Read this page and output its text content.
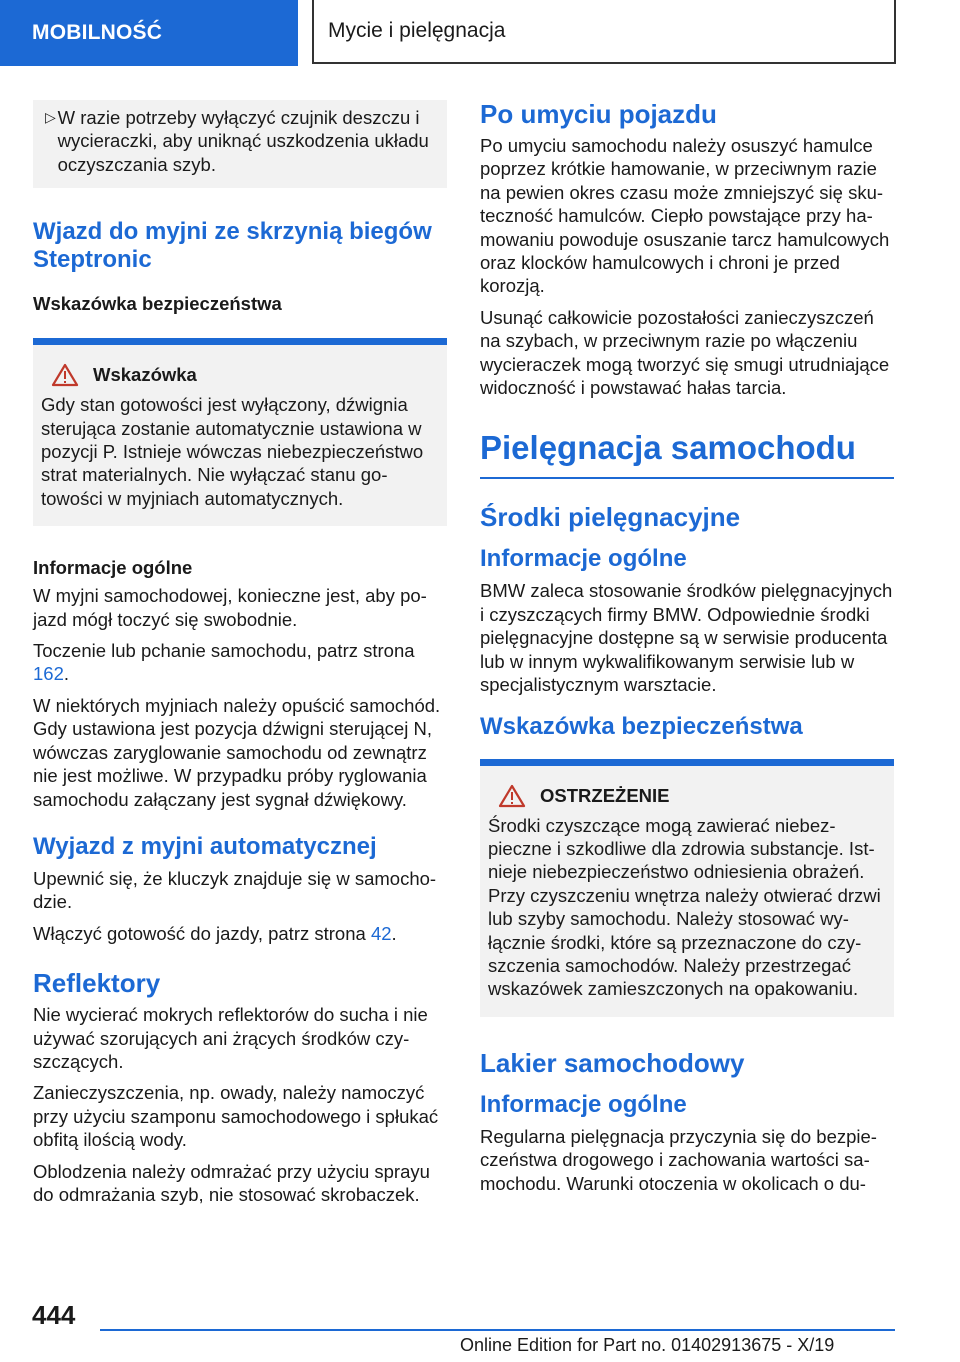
MOBILNOŚĆ	Mycie i pielęgnacja
▷ W razie potrzeby wyłączyć czujnik deszczu i wycieraczki, aby uniknąć uszkodzenia układu oczyszczania szyb.

Wjazd do myjni ze skrzynią biegów Steptronic
Wskazówka bezpieczeństwa
Wskazówka

Gdy stan gotowości jest wyłączony, dźwignia sterująca zostanie automatycznie ustawiona w pozycji P. Istnieje wówczas niebezpieczeństwo strat materialnych. Nie wyłączać stanu gotowości w myjniach automatycznych.

Informacje ogólne

W myjni samochodowej, konieczne jest, aby pojazd mógł toczyć się swobodnie.

Toczenie lub pchanie samochodu, patrz strona 162.

W niektórych myjniach należy opuścić samochód. Gdy ustawiona jest pozycja dźwigni sterującej N, wówczas zaryglowanie samochodu od zewnątrz nie jest możliwe. W przypadku próby ryglowania samochodu załączany jest sygnał dźwiękowy.

Wyjazd z myjni automatycznej

Upewnić się, że kluczyk znajduje się w samochodzie.

Włączyć gotowość do jazdy, patrz strona 42.

Reflektory

Nie wycierać mokrych reflektorów do sucha i nie używać szorujących ani żrących środków czyszczących.

Zanieczyszczenia, np. owady, należy namoczyć przy użyciu szamponu samochodowego i spłukać obfitą ilością wody.

Oblodzenia należy odmrażać przy użyciu sprayu do odmrażania szyb, nie stosować skrobaczek.

Po umyciu pojazdu

Po umyciu samochodu należy osuszyć hamulce poprzez krótkie hamowanie, w przeciwnym razie na pewien okres czasu może zmniejszyć się skuteczność hamulców. Ciepło powstające przy hamowaniu powoduje osuszanie tarcz hamulcowych oraz klocków hamulcowych i chroni je przed korozją.

Usunąć całkowicie pozostałości zanieczyszczeń na szybach, w przeciwnym razie po włączeniu wycieraczek mogą tworzyć się smugi utrudniające widoczność i powstawać hałas tarcia.

Pielęgnacja samochodu
Środki pielęgnacyjne
Informacje ogólne

BMW zaleca stosowanie środków pielęgnacyjnych i czyszczących firmy BMW. Odpowiednie środki pielęgnacyjne dostępne są w serwisie producenta lub w innym wykwalifikowanym serwisie lub w specjalistycznym warsztacie.

Wskazówka bezpieczeństwa
OSTRZEŻENIE

Środki czyszczące mogą zawierać niebezpieczne i szkodliwe dla zdrowia substancje. Istnieje niebezpieczeństwo odniesienia obrażeń. Przy czyszczeniu wnętrza należy otwierać drzwi lub szyby samochodu. Należy stosować wyłącznie środki, które są przeznaczone do czyszczenia samochodów. Należy przestrzegać wskazówek zamieszczonych na opakowaniu.

Lakier samochodowy
Informacje ogólne

Regularna pielęgnacja przyczynia się do bezpieczeństwa drogowego i zachowania wartości samochodu. Warunki otoczenia w okolicach o du-

444
Online Edition for Part no. 01402913675 - X/19
